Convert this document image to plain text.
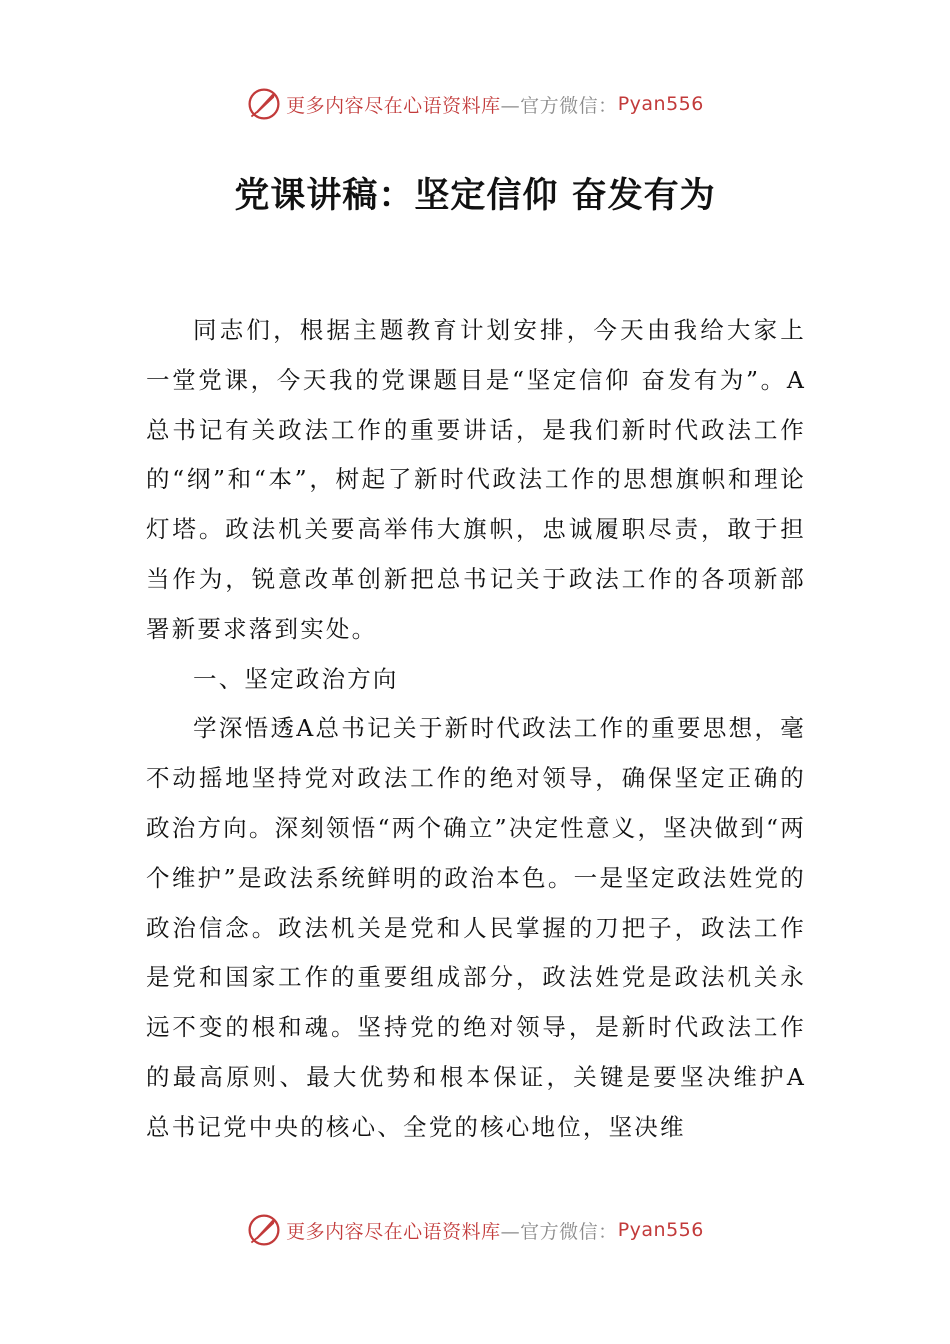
更多内容尽在心语资料库 —官方微信： Pyan556
党课讲稿：坚定信仰 奋发有为

同志们，根据主题教育计划安排，今天由我给大家上一堂党课，今天我的党课题目是“坚定信仰 奋发有为”。A总书记有关政法工作的重要讲话，是我们新时代政法工作的“纲”和“本”，树起了新时代政法工作的思想旗帜和理论灯塔。政法机关要高举伟大旗帜，忠诚履职尽责，敢于担当作为，锐意改革创新把总书记关于政法工作的各项新部署新要求落到实处。

一、坚定政治方向

学深悟透A总书记关于新时代政法工作的重要思想，毫不动摇地坚持党对政法工作的绝对领导，确保坚定正确的政治方向。深刻领悟“两个确立”决定性意义，坚决做到“两个维护”是政法系统鲜明的政治本色。一是坚定政法姓党的政治信念。政法机关是党和人民掌握的刀把子，政法工作是党和国家工作的重要组成部分，政法姓党是政法机关永远不变的根和魂。坚持党的绝对领导，是新时代政法工作的最高原则、最大优势和根本保证，关键是要坚决维护A总书记党中央的核心、全党的核心地位，坚决维

更多内容尽在心语资料库 —官方微信： Pyan556
